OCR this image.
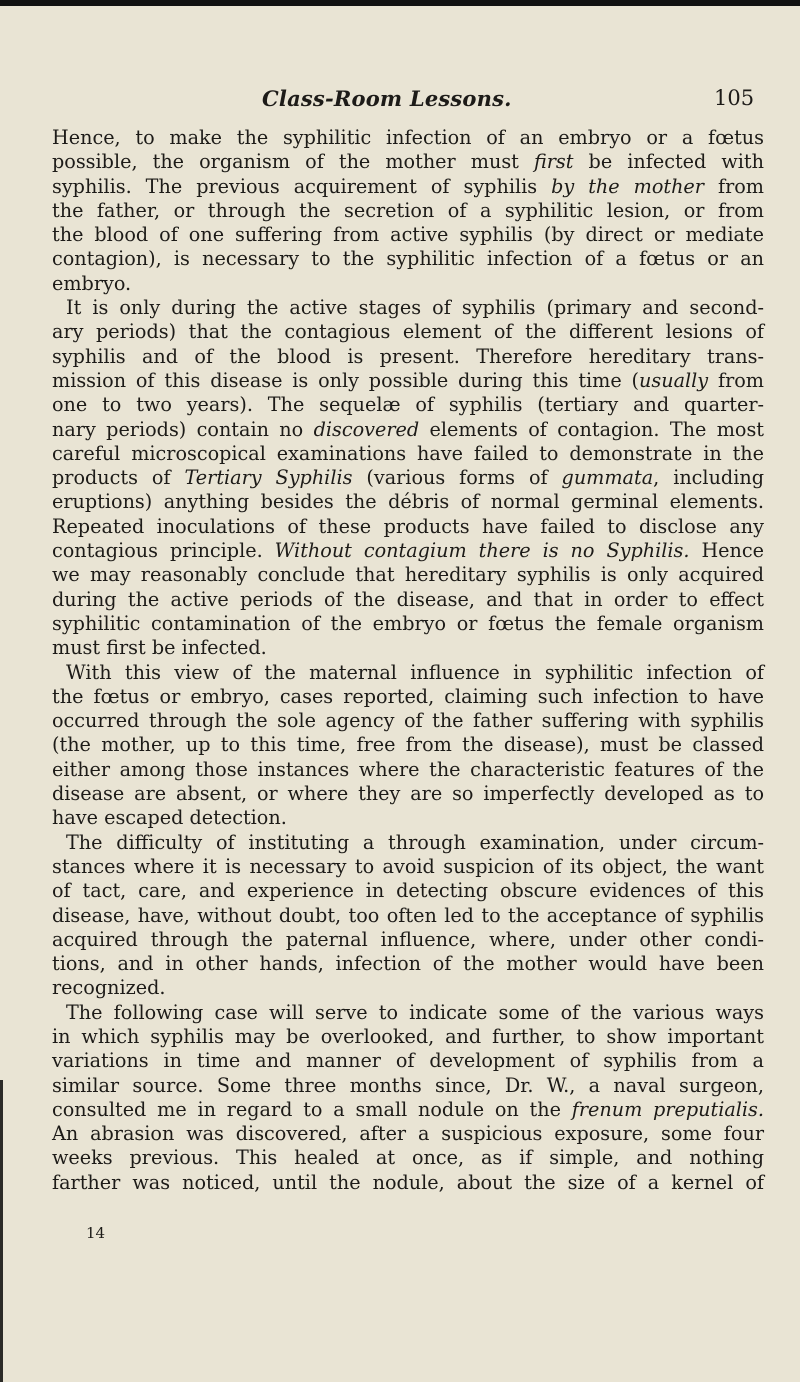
Class-Room Lessons.	105

Hence, to make the syphilitic infection of an embryo or a fœtus

possible, the organism of the mother must first be infected with

syphilis. The previous acquirement of syphilis by the mother from

the father, or through the secretion of a syphilitic lesion, or from

the blood of one suffering from active syphilis (by direct or mediate

contagion), is necessary to the syphilitic infection of a fœtus or an

embryo.

It is only during the active stages of syphilis (primary and second-

ary periods) that the contagious element of the different lesions of

syphilis and of the blood is present. Therefore hereditary trans-

mission of this disease is only possible during this time (usually from

one to two years). The sequelæ of syphilis (tertiary and quarter-

nary periods) contain no discovered elements of contagion. The most

careful microscopical examinations have failed to demonstrate in the

products of Tertiary Syphilis (various forms of gummata, including

eruptions) anything besides the débris of normal germinal elements.

Repeated inoculations of these products have failed to disclose any

contagious principle. Without contagium there is no Syphilis. Hence

we may reasonably conclude that hereditary syphilis is only acquired

during the active periods of the disease, and that in order to effect

syphilitic contamination of the embryo or fœtus the female organism

must first be infected.

With this view of the maternal influence in syphilitic infection of

the fœtus or embryo, cases reported, claiming such infection to have

occurred through the sole agency of the father suffering with syphilis

(the mother, up to this time, free from the disease), must be classed

either among those instances where the characteristic features of the

disease are absent, or where they are so imperfectly developed as to

have escaped detection.

The difficulty of instituting a through examination, under circum-

stances where it is necessary to avoid suspicion of its object, the want

of tact, care, and experience in detecting obscure evidences of this

disease, have, without doubt, too often led to the acceptance of syphilis

acquired through the paternal influence, where, under other condi-

tions, and in other hands, infection of the mother would have been

recognized.

The following case will serve to indicate some of the various ways

in which syphilis may be overlooked, and further, to show important

variations in time and manner of development of syphilis from a

similar source. Some three months since, Dr. W., a naval surgeon,

consulted me in regard to a small nodule on the frenum preputialis.

An abrasion was discovered, after a suspicious exposure, some four

weeks previous. This healed at once, as if simple, and nothing

farther was noticed, until the nodule, about the size of a kernel of

14
